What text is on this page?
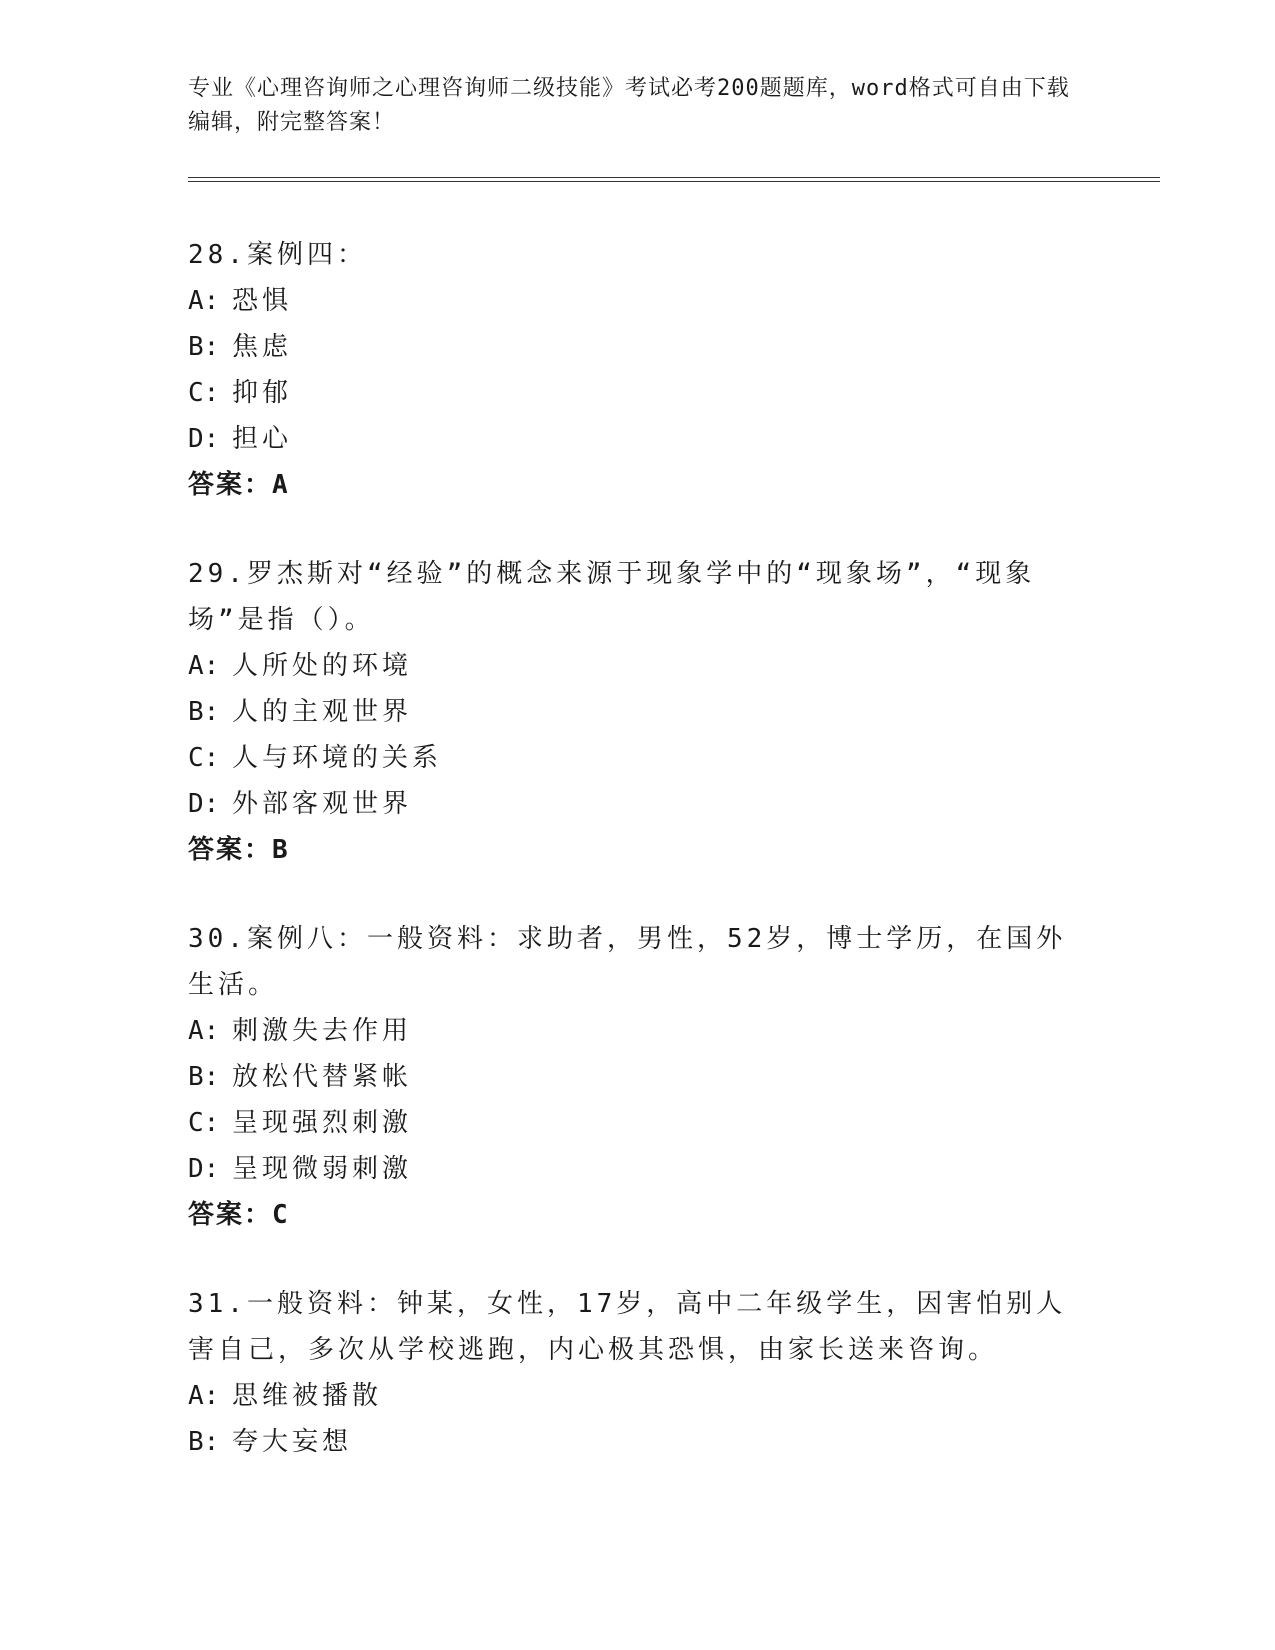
专业《心理咨询师之心理咨询师二级技能》考试必考200题题库，word格式可自由下载编辑，附完整答案！

28.案例四：

A: 恐惧
B: 焦虑
C: 抑郁
D: 担心

答案：A

29.罗杰斯对“经验”的概念来源于现象学中的“现象场”，“现象场”是指（）。

A: 人所处的环境
B: 人的主观世界
C: 人与环境的关系
D: 外部客观世界

答案：B

30.案例八：一般资料：求助者，男性，52岁，博士学历，在国外生活。

A: 刺激失去作用
B: 放松代替紧帐
C: 呈现强烈刺激
D: 呈现微弱刺激

答案：C

31.一般资料：钟某，女性，17岁，高中二年级学生，因害怕别人害自己，多次从学校逃跑，内心极其恐惧，由家长送来咨询。

A: 思维被播散
B: 夸大妄想
